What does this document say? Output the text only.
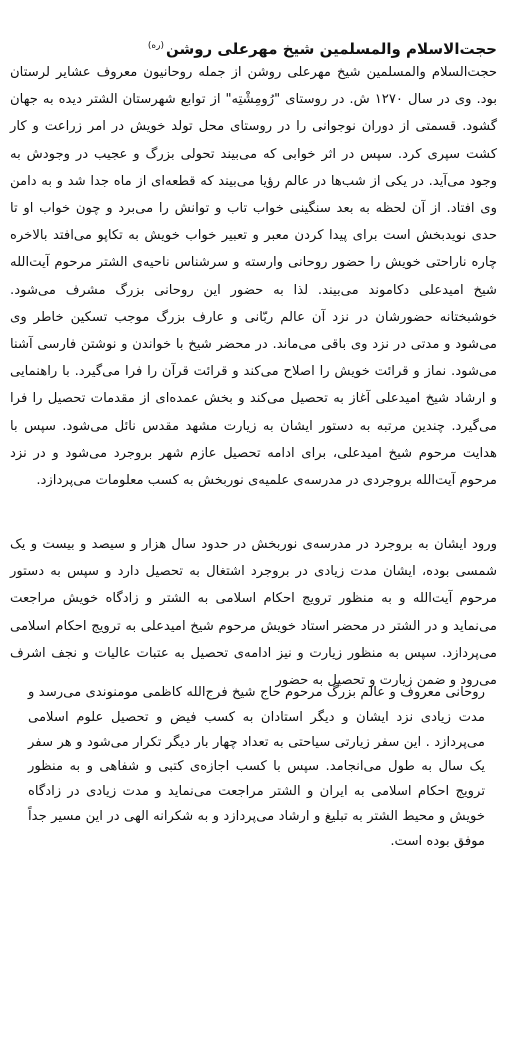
حجت‌الاسلام والمسلمین شیخ مهرعلی روشن$^{(ره)}$

حجت‌السلام والمسلمین شیخ مهرعلی روشن از جمله روحانیون معروف عشایر لرستان بود. وی در سال ۱۲۷۰ ش. در روستای "رُومِشْتِه" از توابع شهرستان الشتر دیده به جهان گشود. قسمتی از دوران نوجوانی را در روستای محل تولد خویش در امر زراعت و کار کشت سپری کرد. سپس در اثر خوابی که می‌بیند تحولی بزرگ و عجیب در وجودش به وجود می‌آید. در یکی از شب‌ها در عالم رؤیا می‌بیند که قطعه‌ای از ماه جدا شد و به دامن وی افتاد. از آن لحظه به بعد سنگینی خواب تاب و توانش را می‌برد و چون خواب او تا حدی نویدبخش است برای پیدا کردن معبر و تعبیر خواب خویش به تکاپو می‌افتد بالاخره چاره ناراحتی خویش را حضور روحانی وارسته و سرشناس ناحیه‌ی الشتر مرحوم آیت‌الله شیخ امیدعلی دکاموند می‌بیند. لذا به حضور این روحانی بزرگ مشرف می‌شود. خوشبختانه حضورشان در نزد آن عالم ربّانی و عارف بزرگ موجب تسکین خاطر وی می‌شود و مدتی در نزد وی باقی می‌ماند. در محضر شیخ با خواندن و نوشتن فارسی آشنا می‌شود. نماز و قرائت خویش را اصلاح می‌کند و قرائت قرآن را فرا می‌گیرد. با راهنمایی و ارشاد شیخ امیدعلی آغاز به تحصیل می‌کند و بخش عمده‌ای از مقدمات تحصیل را فرا می‌گیرد. چندین مرتبه به دستور ایشان به زیارت مشهد مقدس نائل می‌شود. سپس با هدایت مرحوم شیخ امیدعلی، برای ادامه تحصیل عازم شهر بروجرد می‌شود و در نزد مرحوم آیت‌الله بروجردی در مدرسه‌ی علمیه‌ی نوربخش به کسب معلومات می‌پردازد.

ورود ایشان به بروجرد در مدرسه‌ی نوربخش در حدود سال هزار و سیصد و بیست و یک شمسی بوده، ایشان مدت زیادی در بروجرد اشتغال به تحصیل دارد و سپس به دستور مرحوم آیت‌الله و به منظور ترویج احکام اسلامی به الشتر و زادگاه خویش مراجعت می‌نماید و در الشتر در محضر استاد خویش مرحوم شیخ امیدعلی به ترویج احکام اسلامی می‌پردازد. سپس به منظور زیارت و نیز ادامه‌ی تحصیل به عتبات عالیات و نجف اشرف می‌رود و ضمن زیارت و تحصیل به حضور

روحانی معروف و عالم بزرگ مرحوم حاج شیخ فرج‌الله کاظمی مومنوندی می‌رسد و مدت زیادی نزد ایشان و دیگر استادان به کسب فیض و تحصیل علوم اسلامی می‌پردازد . این سفر زیارتی سیاحتی به تعداد چهار بار دیگر تکرار می‌شود و هر سفر یک سال به طول می‌انجامد. سپس با کسب اجازه‌ی کتبی و شفاهی و به منظور ترویج احکام اسلامی به ایران و الشتر مراجعت می‌نماید و مدت زیادی در زادگاه خویش و محیط الشتر به تبلیغ و ارشاد می‌پردازد و به شکرانه الهی در این مسیر جداً موفق بوده است.
